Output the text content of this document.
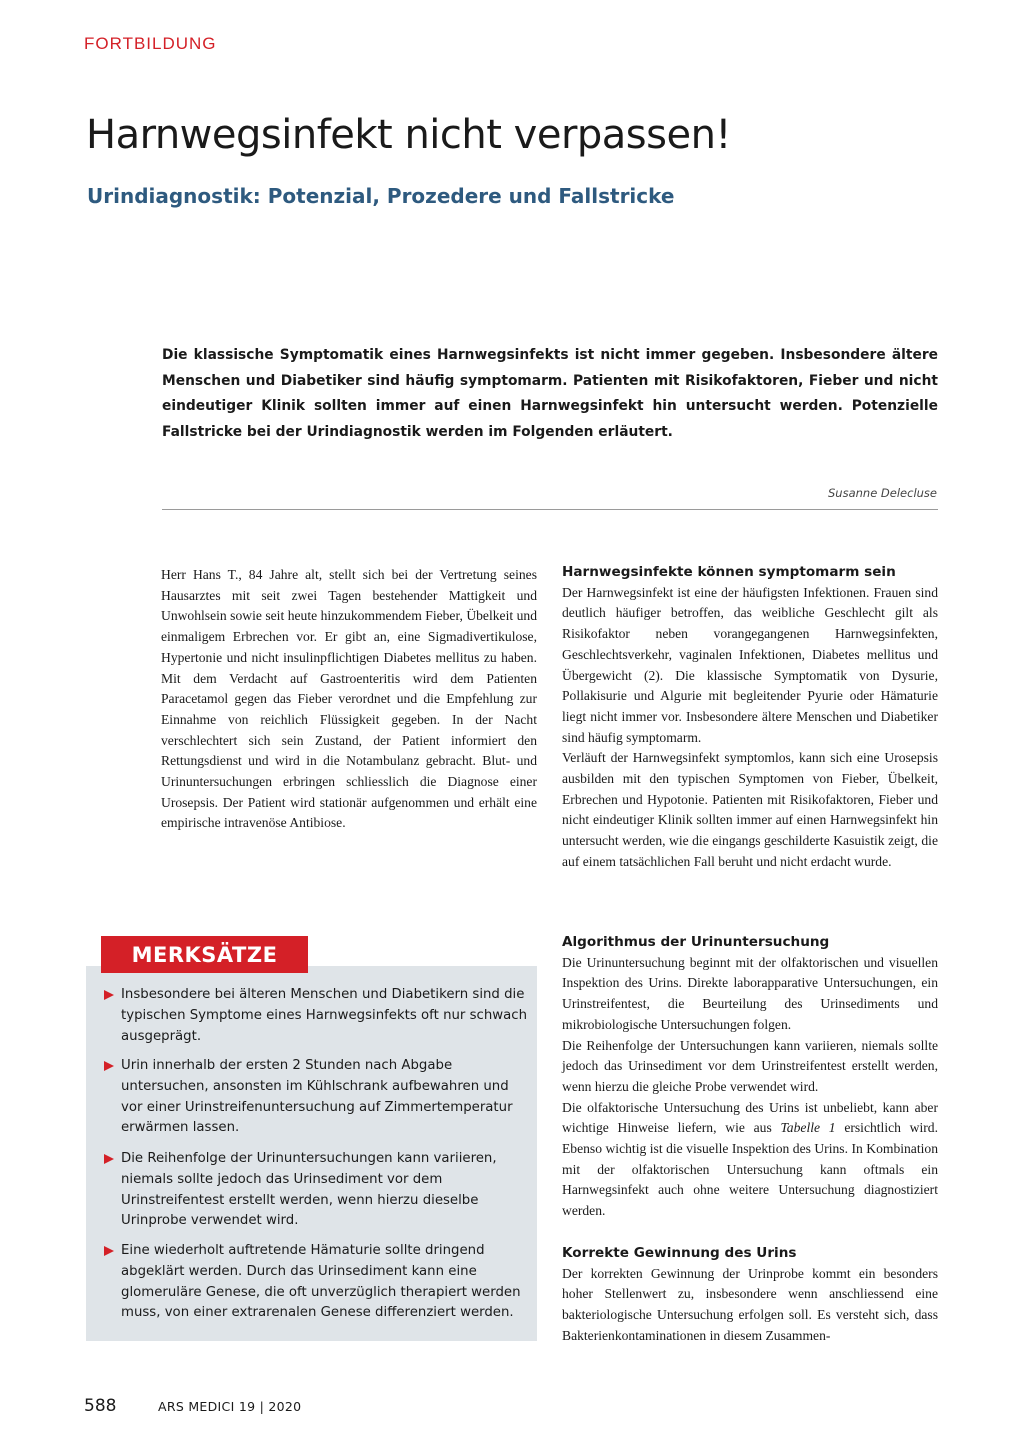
FORTBILDUNG
Harnwegsinfekt nicht verpassen!
Urindiagnostik: Potenzial, Prozedere und Fallstricke

Die klassische Symptomatik eines Harnwegsinfekts ist nicht immer gegeben. Insbesondere ältere Menschen und Diabetiker sind häufig symptomarm. Patienten mit Risikofaktoren, Fieber und nicht eindeutiger Klinik sollten immer auf einen Harnwegsinfekt hin untersucht werden. Potenzielle Fallstricke bei der Urindiagnostik werden im Folgenden erläutert.

Susanne Delecluse

Herr Hans T., 84 Jahre alt, stellt sich bei der Vertretung seines Hausarztes mit seit zwei Tagen bestehender Mattigkeit und Unwohlsein sowie seit heute hinzukommendem Fieber, Übelkeit und einmaligem Erbrechen vor. Er gibt an, eine Sigmadivertikulose, Hypertonie und nicht insulinpflichtigen Diabetes mellitus zu haben. Mit dem Verdacht auf Gastroenteritis wird dem Patienten Paracetamol gegen das Fieber verordnet und die Empfehlung zur Einnahme von reichlich Flüssigkeit gegeben. In der Nacht verschlechtert sich sein Zustand, der Patient informiert den Rettungsdienst und wird in die Notambulanz gebracht. Blut- und Urinuntersuchungen erbringen schliesslich die Diagnose einer Urosepsis. Der Patient wird stationär aufgenommen und erhält eine empirische intravenöse Antibiose.

MERKSÄTZE
Insbesondere bei älteren Menschen und Diabetikern sind die typischen Symptome eines Harnwegsinfekts oft nur schwach ausgeprägt.
Urin innerhalb der ersten 2 Stunden nach Abgabe untersuchen, ansonsten im Kühlschrank aufbewahren und vor einer Urinstreifenuntersuchung auf Zimmertemperatur erwärmen lassen.
Die Reihenfolge der Urinuntersuchungen kann variieren, niemals sollte jedoch das Urinsediment vor dem Urinstreifentest erstellt werden, wenn hierzu dieselbe Urinprobe verwendet wird.
Eine wiederholt auftretende Hämaturie sollte dringend abgeklärt werden. Durch das Urinsediment kann eine glomeruläre Genese, die oft unverzüglich therapiert werden muss, von einer extrarenalen Genese differenziert werden.
Harnwegsinfekte können symptomarm sein

Der Harnwegsinfekt ist eine der häufigsten Infektionen. Frauen sind deutlich häufiger betroffen, das weibliche Geschlecht gilt als Risikofaktor neben vorangegangenen Harnwegsinfekten, Geschlechtsverkehr, vaginalen Infektionen, Diabetes mellitus und Übergewicht (2). Die klassische Symptomatik von Dysurie, Pollakisurie und Algurie mit begleitender Pyurie oder Hämaturie liegt nicht immer vor. Insbesondere ältere Menschen und Diabetiker sind häufig symptomarm.

Verläuft der Harnwegsinfekt symptomlos, kann sich eine Urosepsis ausbilden mit den typischen Symptomen von Fieber, Übelkeit, Erbrechen und Hypotonie. Patienten mit Risikofaktoren, Fieber und nicht eindeutiger Klinik sollten immer auf einen Harnwegsinfekt hin untersucht werden, wie die eingangs geschilderte Kasuistik zeigt, die auf einem tatsächlichen Fall beruht und nicht erdacht wurde.

Algorithmus der Urinuntersuchung

Die Urinuntersuchung beginnt mit der olfaktorischen und visuellen Inspektion des Urins. Direkte laborapparative Untersuchungen, ein Urinstreifentest, die Beurteilung des Urinsediments und mikrobiologische Untersuchungen folgen.

Die Reihenfolge der Untersuchungen kann variieren, niemals sollte jedoch das Urinsediment vor dem Urinstreifentest erstellt werden, wenn hierzu die gleiche Probe verwendet wird.

Die olfaktorische Untersuchung des Urins ist unbeliebt, kann aber wichtige Hinweise liefern, wie aus Tabelle 1 ersichtlich wird. Ebenso wichtig ist die visuelle Inspektion des Urins. In Kombination mit der olfaktorischen Untersuchung kann oftmals ein Harnwegsinfekt auch ohne weitere Untersuchung diagnostiziert werden.

Korrekte Gewinnung des Urins

Der korrekten Gewinnung der Urinprobe kommt ein besonders hoher Stellenwert zu, insbesondere wenn anschliessend eine bakteriologische Untersuchung erfolgen soll. Es versteht sich, dass Bakterienkontaminationen in diesem Zusammen-

588	ARS MEDICI 19 | 2020
